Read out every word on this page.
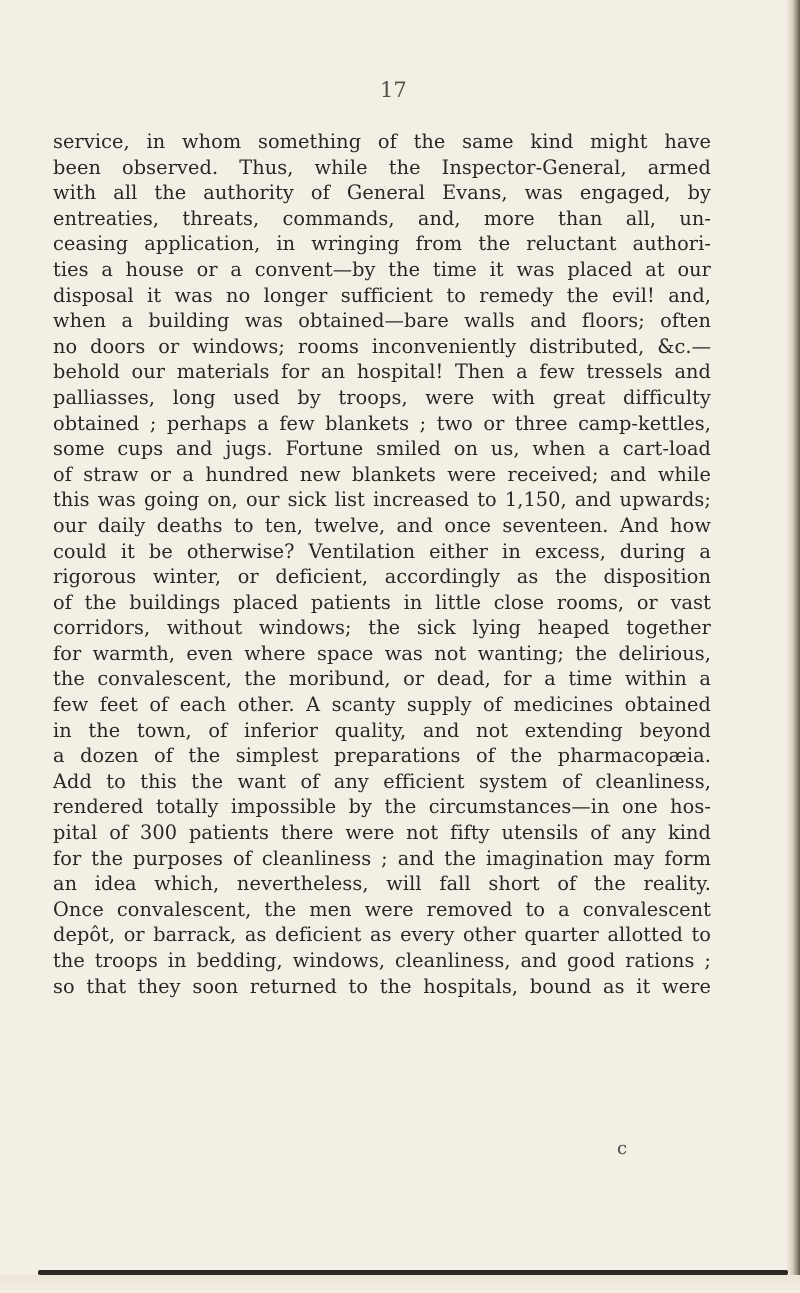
17
service, in whom something of the same kind might have
been observed. Thus, while the Inspector-General, armed
with all the authority of General Evans, was engaged, by
entreaties, threats, commands, and, more than all, un-
ceasing application, in wringing from the reluctant authori-
ties a house or a convent—by the time it was placed at our
disposal it was no longer sufficient to remedy the evil! and,
when a building was obtained—bare walls and floors; often
no doors or windows; rooms inconveniently distributed, &c.—
behold our materials for an hospital! Then a few tressels and
palliasses, long used by troops, were with great difficulty
obtained ; perhaps a few blankets ; two or three camp-kettles,
some cups and jugs. Fortune smiled on us, when a cart-load
of straw or a hundred new blankets were received; and while
this was going on, our sick list increased to 1,150, and upwards;
our daily deaths to ten, twelve, and once seventeen. And how
could it be otherwise? Ventilation either in excess, during a
rigorous winter, or deficient, accordingly as the disposition
of the buildings placed patients in little close rooms, or vast
corridors, without windows; the sick lying heaped together
for warmth, even where space was not wanting; the delirious,
the convalescent, the moribund, or dead, for a time within a
few feet of each other. A scanty supply of medicines obtained
in the town, of inferior quality, and not extending beyond
a dozen of the simplest preparations of the pharmacopæia.
Add to this the want of any efficient system of cleanliness,
rendered totally impossible by the circumstances—in one hos-
pital of 300 patients there were not fifty utensils of any kind
for the purposes of cleanliness ; and the imagination may form
an idea which, nevertheless, will fall short of the reality.
Once convalescent, the men were removed to a convalescent
depôt, or barrack, as deficient as every other quarter allotted to
the troops in bedding, windows, cleanliness, and good rations ;
so that they soon returned to the hospitals, bound as it were
c
